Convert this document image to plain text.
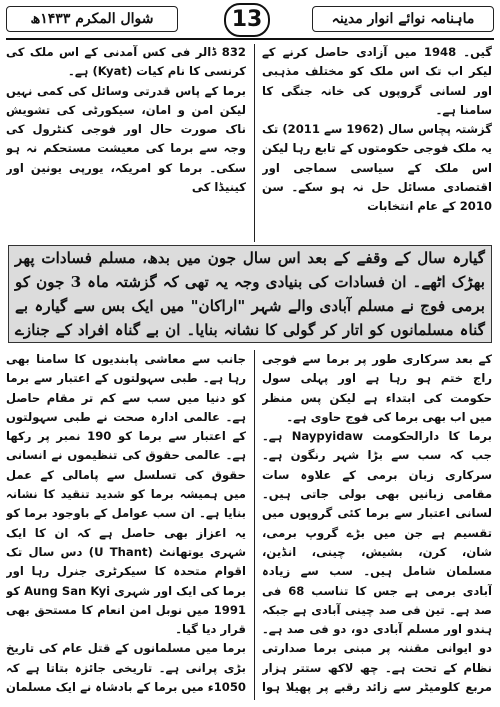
شوال المکرم ۱۴۳۳ھ	13	ماہنامہ نوائے انوار مدینہ

گیں۔ 1948 میں آزادی حاصل کرنے کے لیکر اب تک اس ملک کو مختلف مذہبی اور لسانی گروپوں کی خانہ جنگی کا سامنا ہے۔

گزشتہ پچاس سال (1962 سے 2011) تک یہ ملک فوجی حکومتوں کے تابع رہا لیکن اس ملک کے سیاسی سماجی اور اقتصادی مسائل حل نہ ہو سکے۔ سن 2010 کے عام انتخابات

832 ڈالر فی کس آمدنی کے اس ملک کی کرنسی کا نام کیات (Kyat) ہے۔

برما کے پاس قدرتی وسائل کی کمی نہیں لیکن امن و امان، سیکورٹی کی تشویش ناک صورت حال اور فوجی کنٹرول کی وجہ سے برما کی معیشت مستحکم نہ ہو سکی۔ برما کو امریکہ، یورپی یونین اور کینیڈا کی

گیارہ سال کے وقفے کے بعد اس سال جون میں بدھ، مسلم فسادات پھر بھڑک اٹھے۔ ان فسادات کی بنیادی وجہ یہ تھی کہ گزشتہ ماہ 3 جون کو برمی فوج نے مسلم آبادی والے شہر "اراکان" میں ایک بس سے گیارہ بے گناہ مسلمانوں کو اتار کر گولی کا نشانہ بنایا۔ ان بے گناہ افراد کے جنازے

کے بعد سرکاری طور پر برما سے فوجی راج ختم ہو رہا ہے اور پہلی سول حکومت کی ابتداء ہے لیکن پس منظر میں اب بھی برما کی فوج حاوی ہے۔

برما کا دارالحکومت Naypyidaw ہے۔ جب کہ سب سے بڑا شہر رنگون ہے۔ سرکاری زبان برمی کے علاوہ سات مقامی زبانیں بھی بولی جاتی ہیں۔ لسانی اعتبار سے برما کئی گروپوں میں تقسیم ہے جن میں بڑے گروپ برمی، شان، کرن، بشیش، چینی، انڈین، مسلمان شامل ہیں۔ سب سے زیادہ آبادی برمی ہے جس کا تناسب 68 فی صد ہے۔ تین فی صد چینی آبادی ہے جبکہ ہندو اور مسلم آبادی دو، دو فی صد ہے۔ دو ایوانی مقننہ پر مبنی برما صدارتی نظام کے تحت ہے۔ چھ لاکھ ستتر ہزار مربع کلومیٹر سے زائد رقبے پر پھیلا ہوا

جانب سے معاشی پابندیوں کا سامنا بھی رہا ہے۔ طبی سہولتوں کے اعتبار سے برما کو دنیا میں سب سے کم تر مقام حاصل ہے۔ عالمی ادارہ صحت نے طبی سہولتوں کے اعتبار سے برما کو 190 نمبر پر رکھا ہے۔ عالمی حقوق کی تنظیموں نے انسانی حقوق کی تسلسل سے پامالی کے عمل میں ہمیشہ برما کو شدید تنقید کا نشانہ بنایا ہے۔ ان سب عوامل کے باوجود برما کو یہ اعزاز بھی حاصل ہے کہ ان کا ایک شہری یوتھانٹ (U Thant) دس سال تک اقوام متحدہ کا سیکرٹری جنرل رہا اور برما کی ایک اور شہری Aung San Kyi کو 1991 میں نوبل امن انعام کا مستحق بھی قرار دیا گیا۔

برما میں مسلمانوں کے قتل عام کی تاریخ بڑی پرانی ہے۔ تاریخی جائزہ بتاتا ہے کہ 1050ء میں برما کے بادشاہ نے ایک مسلمان
